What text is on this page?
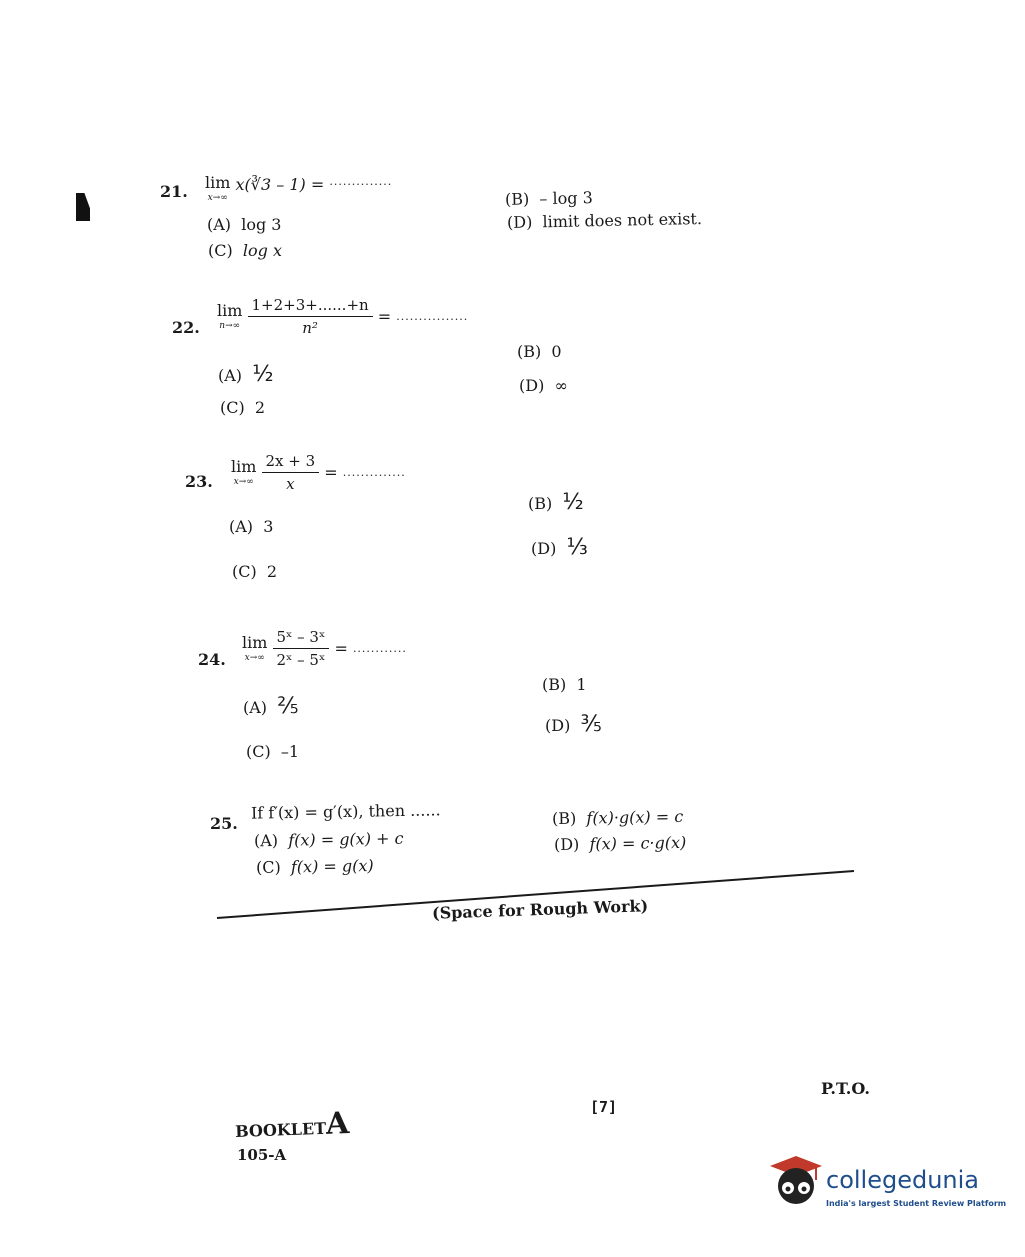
21. lim
x→∞
x(∛3 – 1) = ..............
(A) log 3
(C) log x
(B) – log 3
(D) limit does not exist.
22.
lim
n→∞
$\frac{1+2+3+......+n}{\text{n²}}$ = ................
(A) ½
(C) 2
(B) 0
(D) ∞
23.
lim
x→∞
$\frac{2x + 3}{x}$ = ..............
(A) 3
(C) 2
(B) ½
(D) ⅓
24.
lim
x→∞
$\frac{\text{5ˣ – 3ˣ}}{\text{2ˣ – 5ˣ}}$ = ............
(A) ⅖
(C) –1
(B) 1
(D) ⅗
25.
If f′(x) = g′(x), then ......
(A) f(x) = g(x) + c
(C) f(x) = g(x)
(B) f(x)·g(x) = c
(D) f(x) = c·g(x)
(Space for Rough Work)
P.T.O.
[7]
BOOKLETA
105-A
collegedunia
India's largest Student Review Platform
